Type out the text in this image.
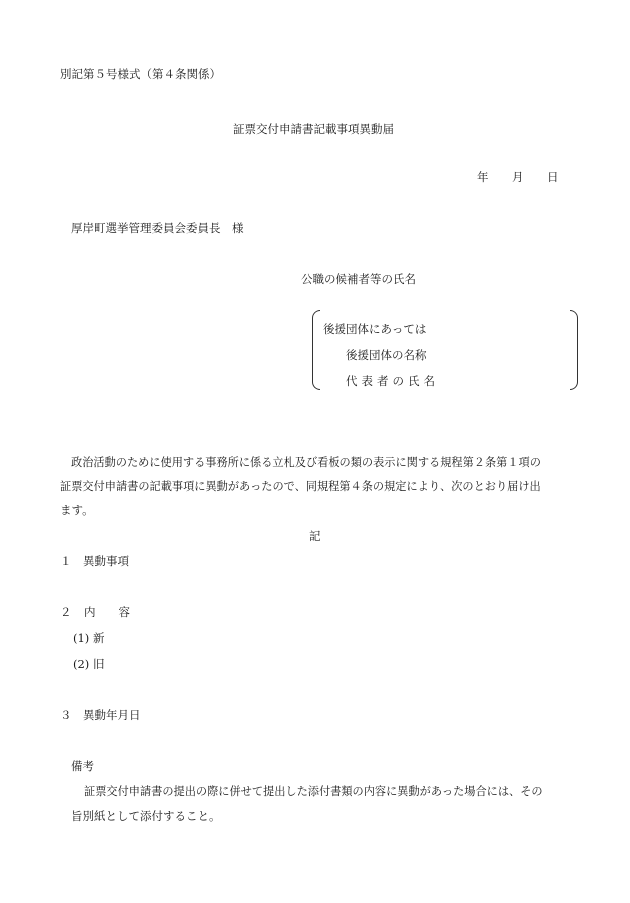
別記第５号様式（第４条関係）
証票交付申請書記載事項異動届
年 月 日
厚岸町選挙管理委員会委員長　様
公職の候補者等の氏名
後援団体にあっては
後援団体の名称
代表者の氏名
政治活動のために使用する事務所に係る立札及び看板の類の表示に関する規程第２条第１項の
証票交付申請書の記載事項に異動があったので、同規程第４条の規定により、次のとおり届け出
ます。
記
１　異動事項
２ 内　　容
(1) 新
(2) 旧
３　異動年月日
備考
証票交付申請書の提出の際に併せて提出した添付書類の内容に異動があった場合には、その
旨別紙として添付すること。
